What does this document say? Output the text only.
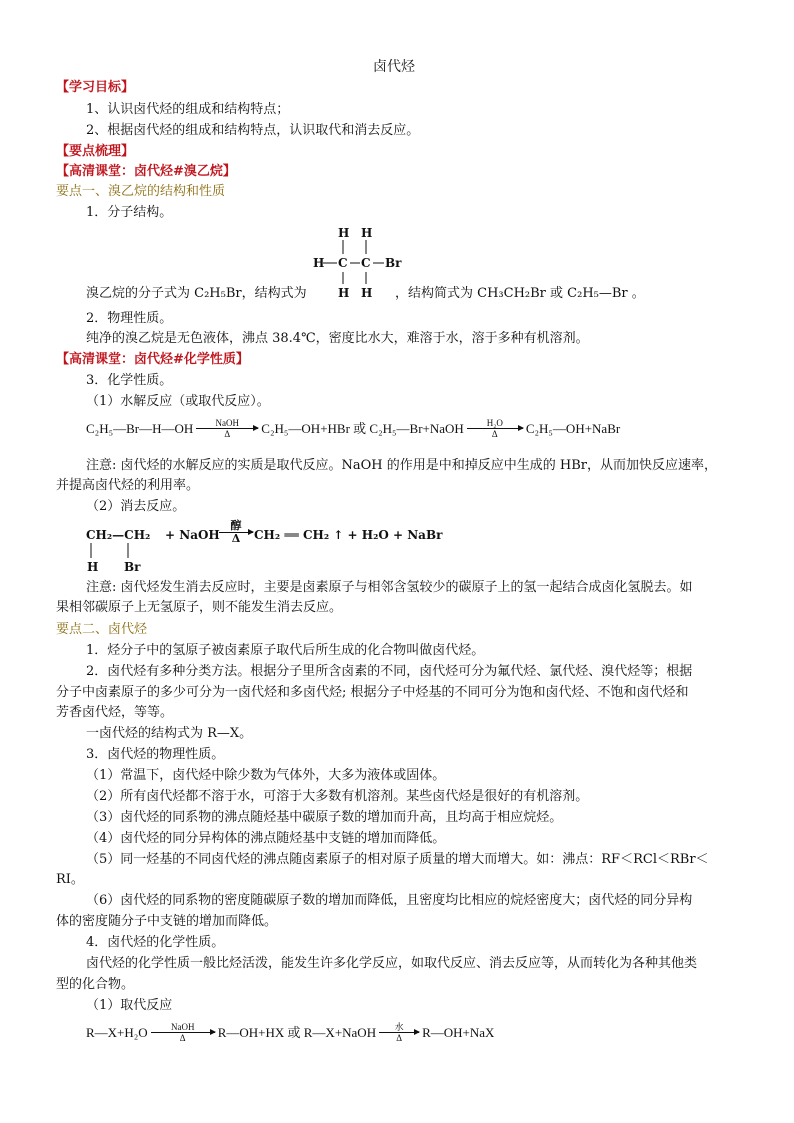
卤代烃
【学习目标】
1、认识卤代烃的组成和结构特点；
2、根据卤代烃的组成和结构特点，认识取代和消去反应。
【要点梳理】
【高清课堂：卤代烃#溴乙烷】
要点一、溴乙烷的结构和性质
1．分子结构。
H H
H C C Br
H H
溴乙烷的分子式为 C₂H₅Br，结构式为	，结构简式为 CH₃CH₂Br 或 C₂H₅—Br 。
2．物理性质。
纯净的溴乙烷是无色液体，沸点 38.4℃，密度比水大，难溶于水，溶于多种有机溶剂。
【高清课堂：卤代烃#化学性质】
3．化学性质。
（1）水解反应（或取代反应）。
C₂H₅—Br—H—OH	NaOH
Δ	C₂H₅—OH+HBr 或 C₂H₅—Br+NaOH	H₂O
Δ	C₂H₅—OH+NaBr
注意: 卤代烃的水解反应的实质是取代反应。NaOH 的作用是中和掉反应中生成的 HBr，从而加快反应速率，
并提高卤代烃的利用率。
（2）消去反应。
CH₂—CH₂
H Br
+ NaOH
醇
Δ	CH₂ ══ CH₂ ↑ + H₂O + NaBr
注意: 卤代烃发生消去反应时，主要是卤素原子与相邻含氢较少的碳原子上的氢一起结合成卤化氢脱去。如
果相邻碳原子上无氢原子，则不能发生消去反应。
要点二、卤代烃
1．烃分子中的氢原子被卤素原子取代后所生成的化合物叫做卤代烃。
2．卤代烃有多种分类方法。根据分子里所含卤素的不同，卤代烃可分为氟代烃、氯代烃、溴代烃等；根据
分子中卤素原子的多少可分为一卤代烃和多卤代烃; 根据分子中烃基的不同可分为饱和卤代烃、不饱和卤代烃和
芳香卤代烃，等等。
一卤代烃的结构式为 R—X。
3．卤代烃的物理性质。
（1）常温下，卤代烃中除少数为气体外，大多为液体或固体。
（2）所有卤代烃都不溶于水，可溶于大多数有机溶剂。某些卤代烃是很好的有机溶剂。
（3）卤代烃的同系物的沸点随烃基中碳原子数的增加而升高，且均高于相应烷烃。
（4）卤代烃的同分异构体的沸点随烃基中支链的增加而降低。
（5）同一烃基的不同卤代烃的沸点随卤素原子的相对原子质量的增大而增大。如：沸点：RF＜RCl＜RBr＜
RI。
（6）卤代烃的同系物的密度随碳原子数的增加而降低，且密度均比相应的烷烃密度大；卤代烃的同分异构
体的密度随分子中支链的增加而降低。
4．卤代烃的化学性质。
卤代烃的化学性质一般比烃活泼，能发生许多化学反应，如取代反应、消去反应等，从而转化为各种其他类
型的化合物。
（1）取代反应
R—X+H₂O	NaOH
Δ	R—OH+HX 或 R—X+NaOH	水
Δ	R—OH+NaX
